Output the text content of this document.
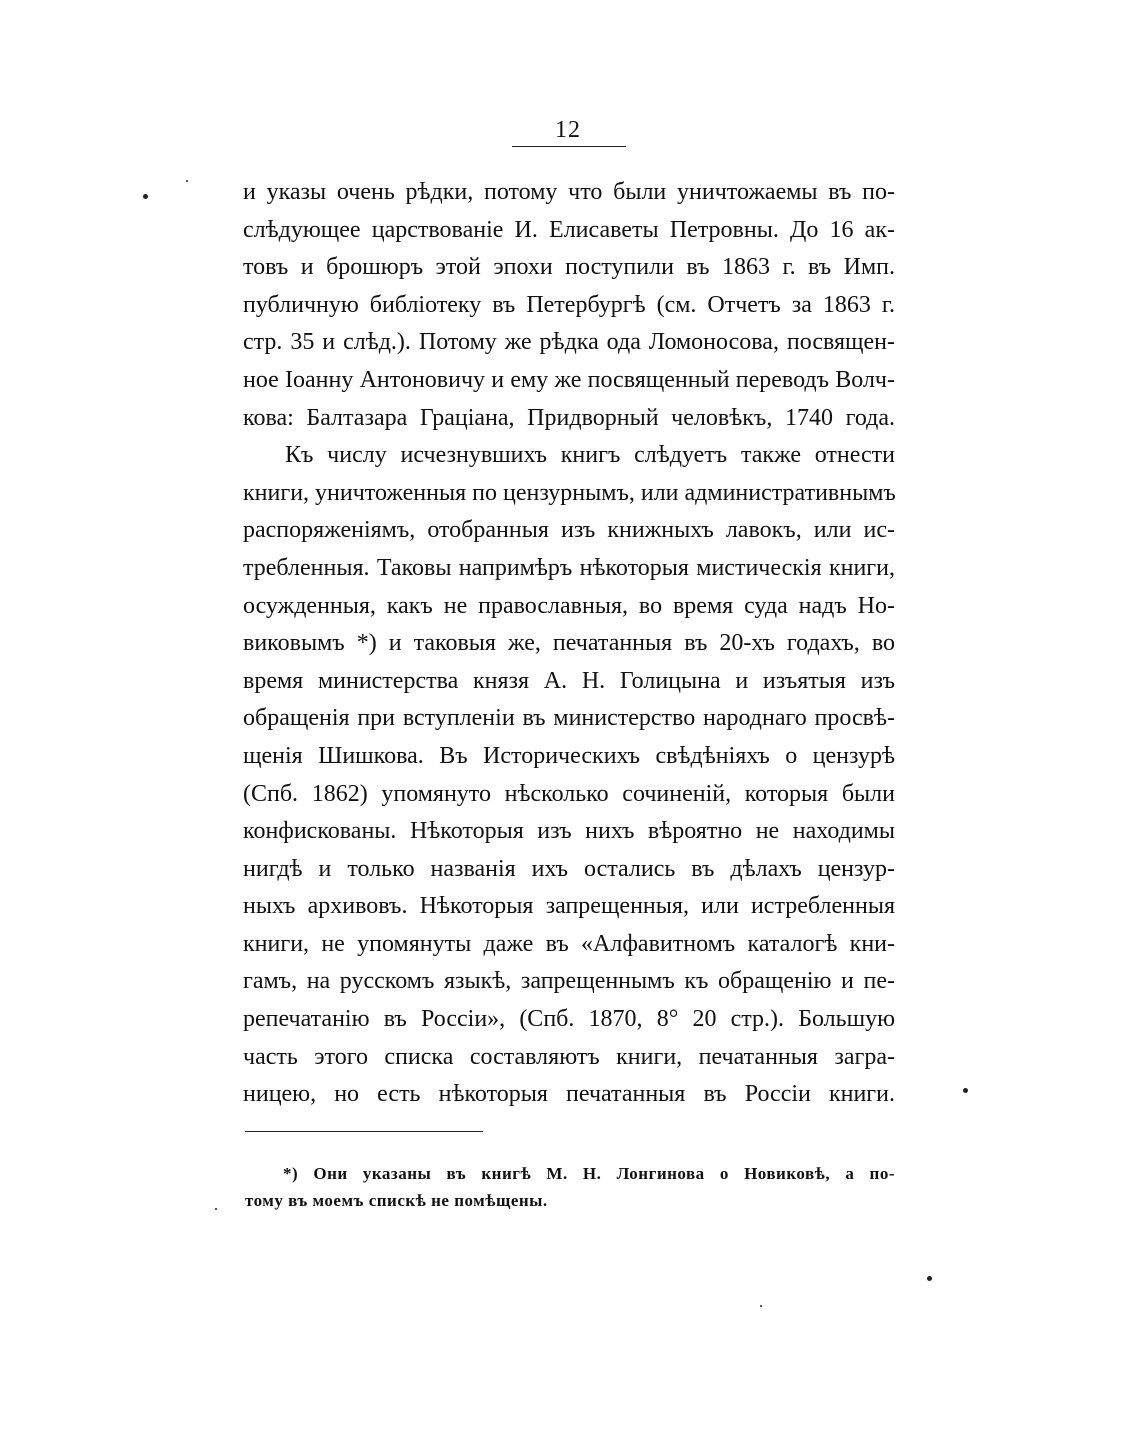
12
и указы очень рѣдки, потому что были уничтожаемы въ по-
слѣдующее царствованіе И. Елисаветы Петровны. До 16 ак-
товъ и брошюръ этой эпохи поступили въ 1863 г. въ Имп.
публичную библіотеку въ Петербургѣ (см. Отчетъ за 1863 г.
стр. 35 и слѣд.). Потому же рѣдка ода Ломоносова, посвящен-
ное Іоанну Антоновичу и ему же посвященный переводъ Волч-
кова: Балтазара Граціана, Придворный человѣкъ, 1740 года.
Къ числу исчезнувшихъ книгъ слѣдуетъ также отнести
книги, уничтоженныя по цензурнымъ, или административнымъ
распоряженіямъ, отобранныя изъ книжныхъ лавокъ, или ис-
требленныя. Таковы напримѣръ нѣкоторыя мистическія книги,
осужденныя, какъ не православныя, во время суда надъ Но-
виковымъ *) и таковыя же, печатанныя въ 20-хъ годахъ, во
время министерства князя А. Н. Голицына и изъятыя изъ
обращенія при вступленіи въ министерство народнаго просвѣ-
щенія Шишкова. Въ Историческихъ свѣдѣніяхъ о цензурѣ
(Спб. 1862) упомянуто нѣсколько сочиненій, которыя были
конфискованы. Нѣкоторыя изъ нихъ вѣроятно не находимы
нигдѣ и только названія ихъ остались въ дѣлахъ цензур-
ныхъ архивовъ. Нѣкоторыя запрещенныя, или истребленныя
книги, не упомянуты даже въ «Алфавитномъ каталогѣ кни-
гамъ, на русскомъ языкѣ, запрещеннымъ къ обращенію и пе-
репечатанію въ Россіи», (Спб. 1870, 8° 20 стр.). Большую
часть этого списка составляютъ книги, печатанныя загра-
ницею, но есть нѣкоторыя печатанныя въ Россіи книги.
*) Они указаны въ книгѣ М. Н. Лонгинова о Новиковѣ, а по-
тому въ моемъ спискѣ не помѣщены.
